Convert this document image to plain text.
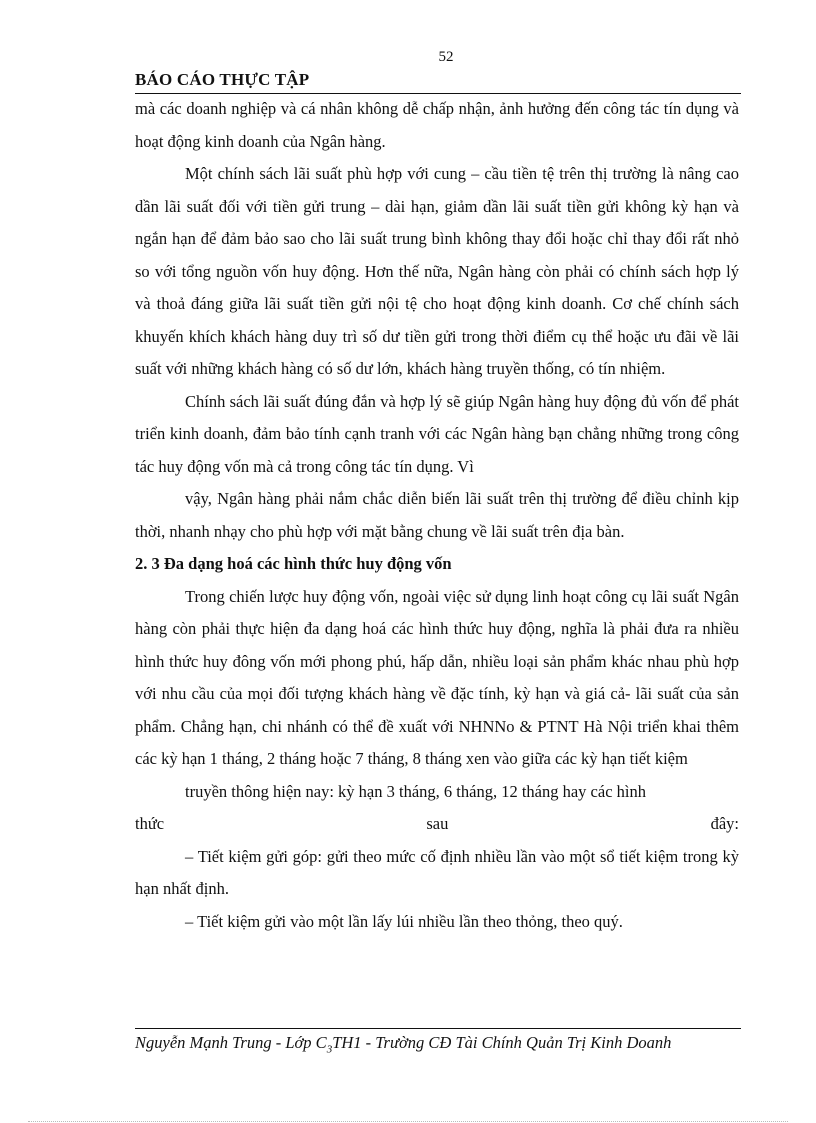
52
BÁO CÁO THỰC TẬP

mà các doanh nghiệp và cá nhân không dễ chấp nhận, ảnh hưởng đến công tác tín dụng và hoạt động kinh doanh của Ngân hàng.

Một chính sách lãi suất phù hợp với cung – cầu tiền tệ trên thị trường là nâng cao dần lãi suất đối với tiền gửi trung – dài hạn, giảm dần lãi suất tiền gửi không kỳ hạn và ngắn hạn để đảm bảo sao cho lãi suất trung bình không thay đổi hoặc chỉ thay đổi rất nhỏ so với tổng nguồn vốn huy động. Hơn thế nữa, Ngân hàng còn phải có chính sách hợp lý và thoả đáng giữa lãi suất tiền gửi nội tệ cho hoạt động kinh doanh. Cơ chế chính sách khuyến khích khách hàng duy trì số dư tiền gửi trong thời điểm cụ thể hoặc ưu đãi về lãi suất với những khách hàng có số dư lớn, khách hàng truyền thống, có tín nhiệm.

Chính sách lãi suất đúng đắn và hợp lý sẽ giúp Ngân hàng huy động đủ vốn để phát triển kinh doanh, đảm bảo tính cạnh tranh với các Ngân hàng bạn chẳng những trong công tác huy động vốn mà cả trong công tác tín dụng. Vì

vậy, Ngân hàng phải nắm chắc diễn biến lãi suất trên thị trường để điều chỉnh kịp thời, nhanh nhạy cho phù hợp với mặt bằng chung về lãi suất trên địa bàn.

2. 3 Đa dạng hoá các hình thức huy động vốn

Trong chiến lược huy động vốn, ngoài việc sử dụng linh hoạt công cụ lãi suất Ngân hàng còn phải thực hiện đa dạng hoá các hình thức huy động, nghĩa là phải đưa ra nhiều hình thức huy đông vốn mới phong phú, hấp dẫn, nhiều loại sản phẩm khác nhau phù hợp với nhu cầu của mọi đối tượng khách hàng về đặc tính, kỳ hạn và giá cả- lãi suất của sản phẩm. Chẳng hạn, chi nhánh có thể đề xuất với NHNNo & PTNT Hà Nội triển khai thêm các kỳ hạn 1 tháng, 2 tháng hoặc 7 tháng, 8 tháng xen vào giữa các kỳ hạn tiết kiệm

truyền thông hiện nay: kỳ hạn 3 tháng, 6 tháng, 12 tháng hay các hình

thức sau đây:

– Tiết kiệm gửi góp: gửi theo mức cố định nhiều lần vào một sổ tiết kiệm trong kỳ hạn nhất định.

– Tiết kiệm gửi vào một lần lấy lúi nhiều lần theo thỏng, theo quý.

Nguyễn Mạnh Trung - Lớp $C_3TH1$ - Trường CĐ Tài Chính Quản Trị Kinh Doanh
